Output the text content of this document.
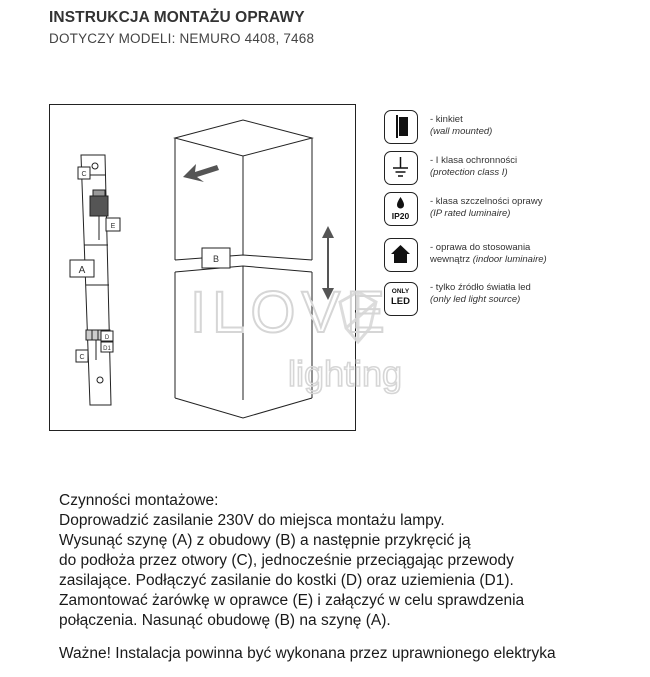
INSTRUKCJA MONTAŻU OPRAWY
DOTYCZY MODELI: NEMURO 4408, 7468
C
E
A
D
D1
C
B
- kinkiet
(wall mounted)
- I klasa ochronności
(protection class I)
IP20
- klasa szczelności oprawy
(IP rated luminaire)
- oprawa do stosowania
wewnątrz (indoor luminaire)
ONLY
LED
- tylko źródło światła led
(only led light source)
ILOVE
lighting
Czynności montażowe:
Doprowadzić zasilanie 230V do miejsca montażu lampy.
Wysunąć szynę (A) z obudowy (B) a następnie przykręcić ją
do podłoża przez otwory (C), jednocześnie przeciągając przewody
zasilające. Podłączyć zasilanie do kostki (D) oraz uziemienia (D1).
Zamontować żarówkę w oprawce (E) i załączyć w celu sprawdzenia
połączenia. Nasunąć obudowę (B) na szynę (A).
Ważne! Instalacja powinna być wykonana przez uprawnionego elektryka
